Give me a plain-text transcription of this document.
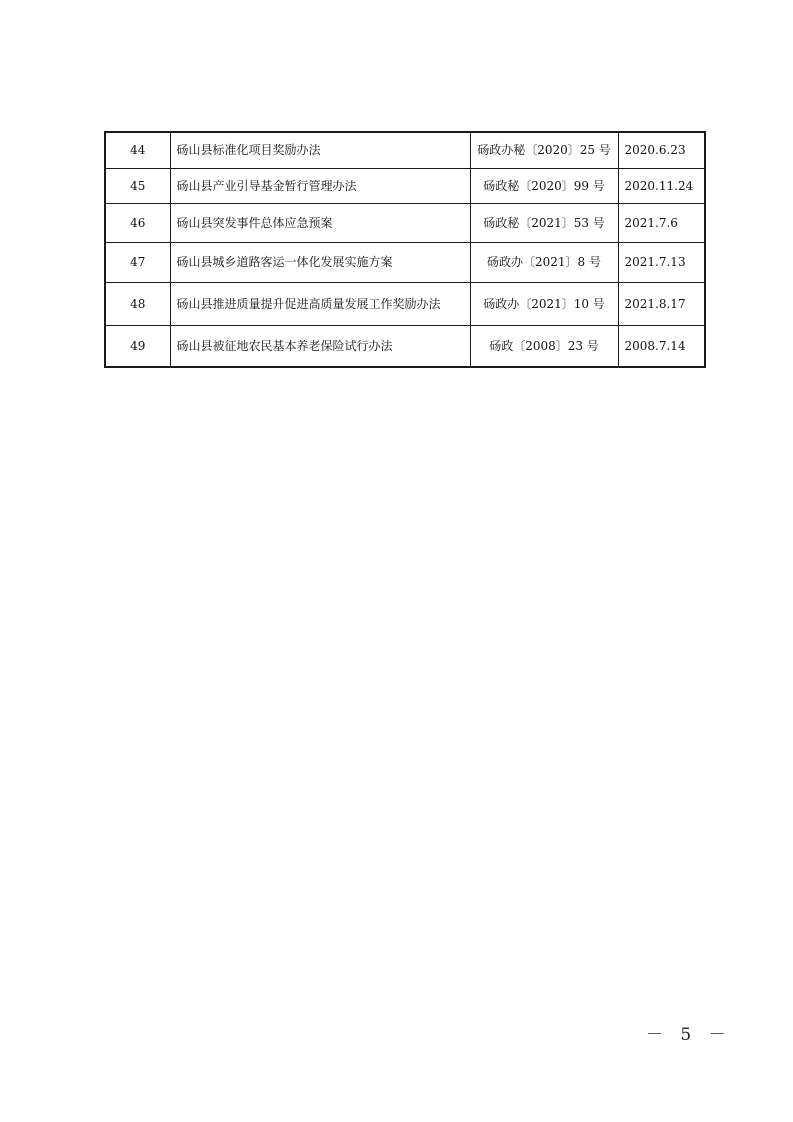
44	砀山县标准化项目奖励办法	砀政办秘〔2020〕25 号	2020.6.23
45	砀山县产业引导基金暂行管理办法	砀政秘〔2020〕99 号	2020.11.24
46	砀山县突发事件总体应急预案	砀政秘〔2021〕53 号	2021.7.6
47	砀山县城乡道路客运一体化发展实施方案	砀政办〔2021〕8 号	2021.7.13
48	砀山县推进质量提升促进高质量发展工作奖励办法	砀政办〔2021〕10 号	2021.8.17
49	砀山县被征地农民基本养老保险试行办法	砀政〔2008〕23 号	2008.7.14
－ 5 －
